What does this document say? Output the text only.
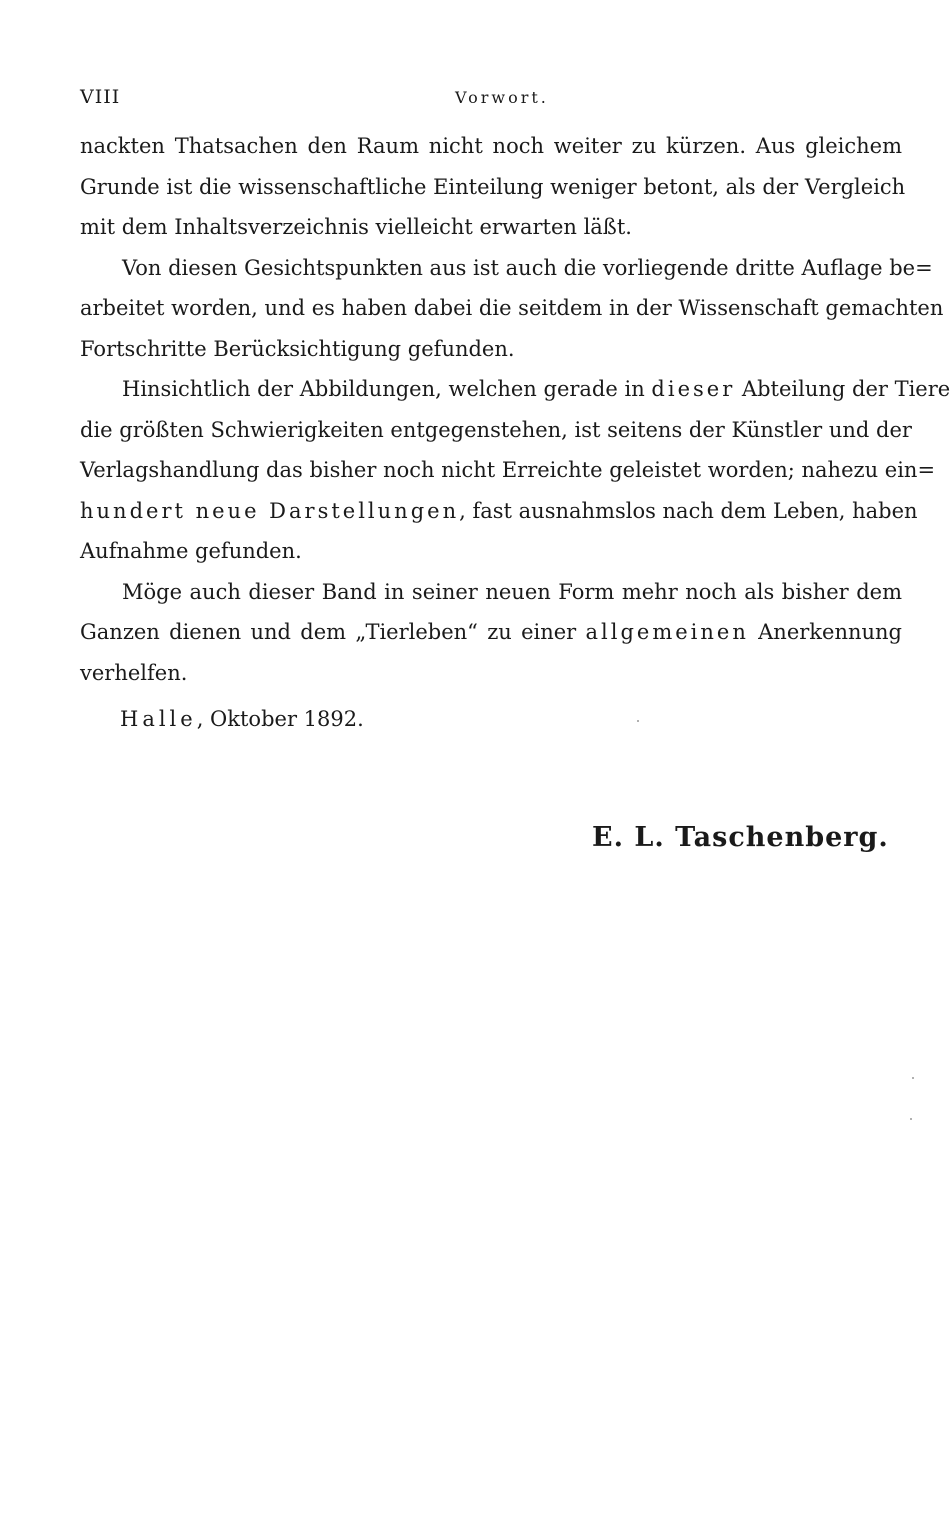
VIII	Vorwort.
nackten Thatsachen den Raum nicht noch weiter zu kürzen. Aus gleichem
Grunde ist die wissenschaftliche Einteilung weniger betont, als der Vergleich
mit dem Inhaltsverzeichnis vielleicht erwarten läßt.
Von diesen Gesichtspunkten aus ist auch die vorliegende dritte Auflage be=
arbeitet worden, und es haben dabei die seitdem in der Wissenschaft gemachten
Fortschritte Berücksichtigung gefunden.
Hinsichtlich der Abbildungen, welchen gerade in dieser Abteilung der Tiere
die größten Schwierigkeiten entgegenstehen, ist seitens der Künstler und der
Verlagshandlung das bisher noch nicht Erreichte geleistet worden; nahezu ein=
hundert neue Darstellungen, fast ausnahmslos nach dem Leben, haben
Aufnahme gefunden.
Möge auch dieser Band in seiner neuen Form mehr noch als bisher dem
Ganzen dienen und dem „Tierleben“ zu einer allgemeinen Anerkennung
verhelfen.
Halle, Oktober 1892.
E. L. Taschenberg.
